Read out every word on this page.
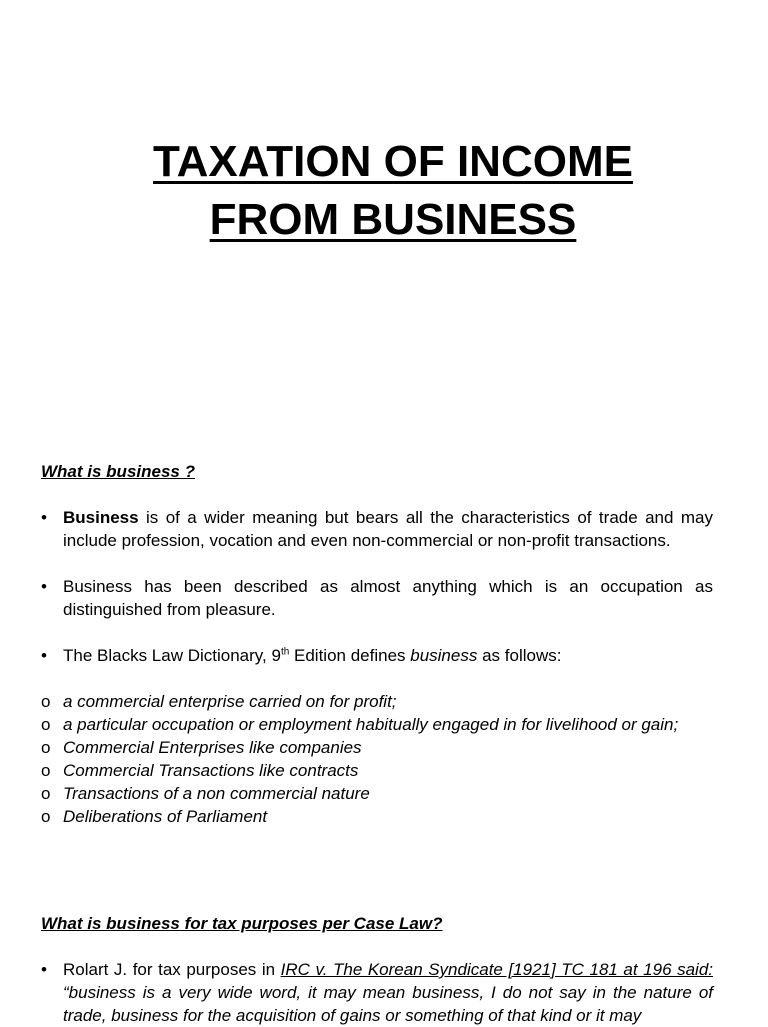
TAXATION OF INCOME
FROM BUSINESS

What is business ?

• Business is of a wider meaning but bears all the characteristics of trade and may include profession, vocation and even non-commercial or non-profit transactions.

• Business has been described as almost anything which is an occupation as distinguished from pleasure.

• The Blacks Law Dictionary, 9th Edition defines business as follows:

o a commercial enterprise carried on for profit;

o a particular occupation or employment habitually engaged in for livelihood or gain;

o Commercial Enterprises like companies

o Commercial Transactions like contracts

o Transactions of a non commercial nature

o Deliberations of Parliament

What is business for tax purposes per Case Law?

• Rolart J. for tax purposes in IRC v. The Korean Syndicate [1921] TC 181 at 196 said: “business is a very wide word, it may mean business, I do not say in the nature of trade, business for the acquisition of gains or something of that kind or it may
